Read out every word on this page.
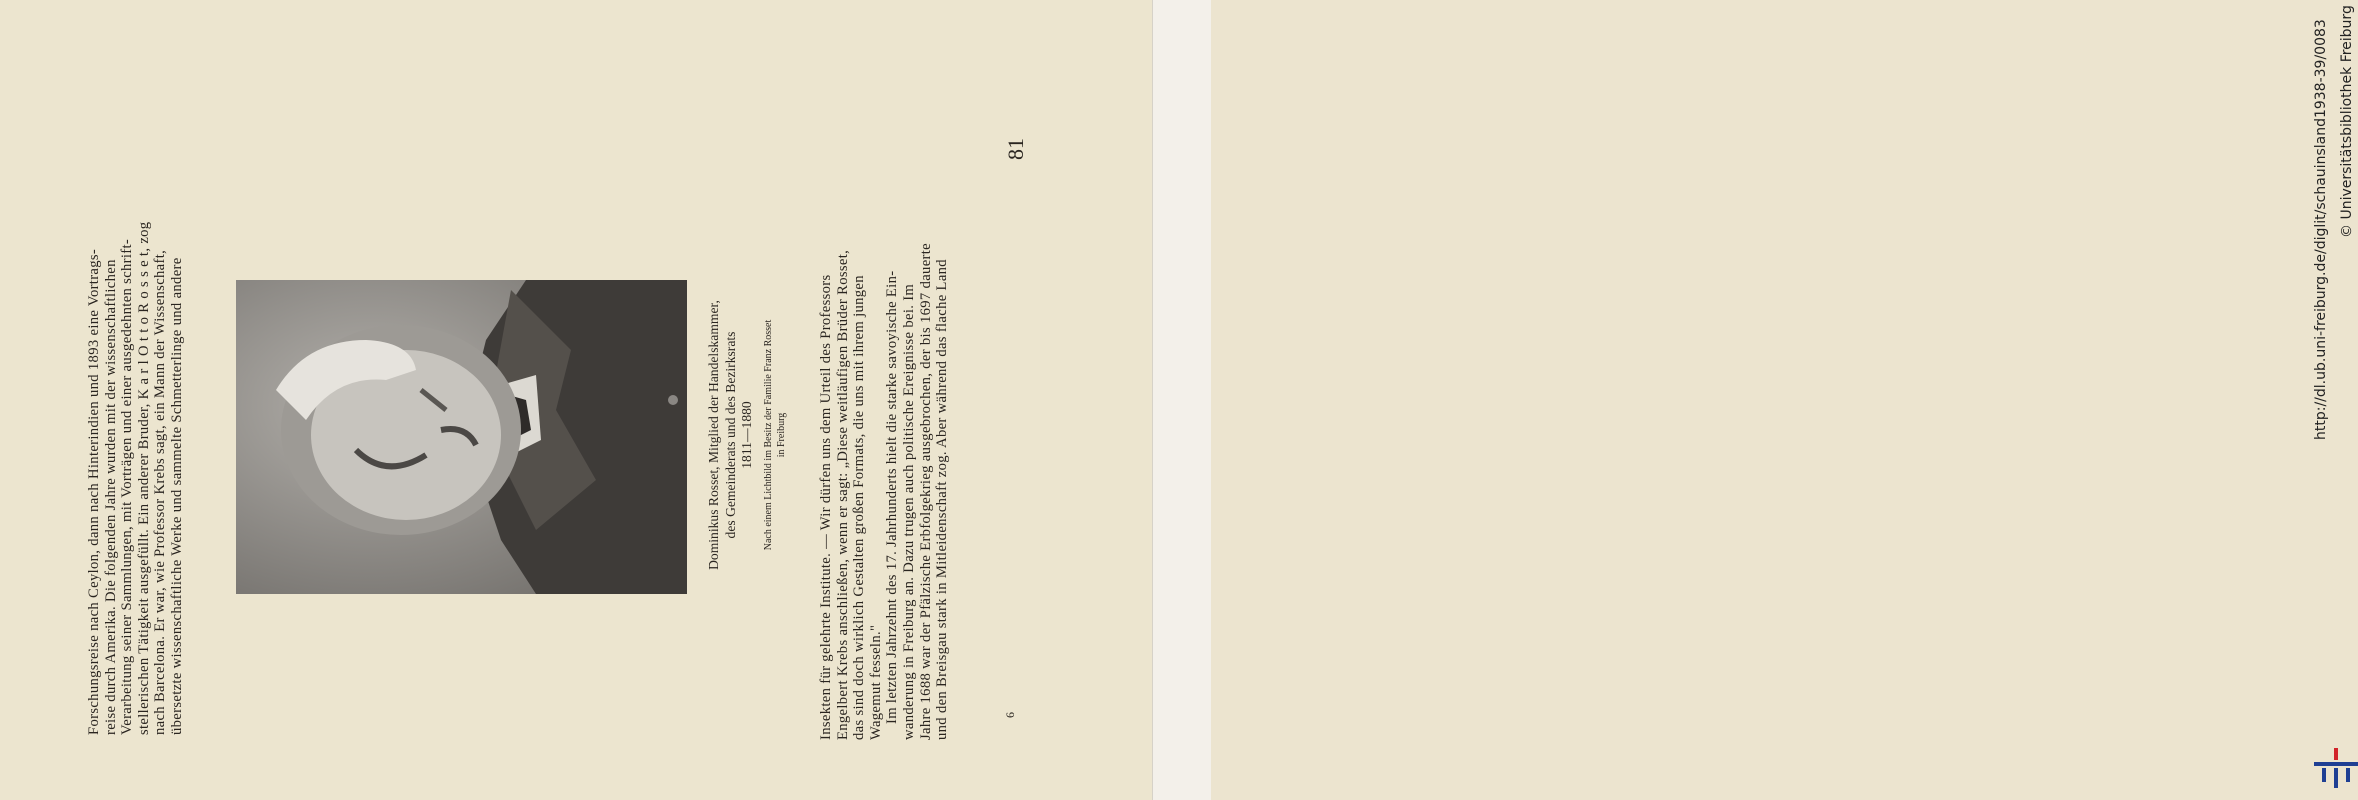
Forschungsreise nach Ceylon, dann nach Hinterindien und 1893 eine Vortrags- reise durch Amerika. Die folgenden Jahre wurden mit der wissenschaftlichen Verarbeitung seiner Sammlungen, mit Vorträgen und einer ausgedehnten schrift- stellerischen Tätigkeit ausgefüllt. Ein anderer Bruder, K a r l O t t o R o s s e t, zog nach Barcelona. Er war, wie Professor Krebs sagt, ein Mann der Wissenschaft, übersetzte wissenschaftliche Werke und sammelte Schmetterlinge und andere	Dominikus Rosset, Mitglied der Handelskammer, des Gemeinderats und des Bezirksrats 1811—1880 Nach einem Lichtbild im Besitz der Familie Franz Rosset in Freiburg Insekten für gelehrte Institute. — Wir dürfen uns dem Urteil des Professors Engelbert Krebs anschließen, wenn er sagt: „Diese weitläufigen Brüder Rosset, das sind doch wirklich Gestalten großen Formats, die uns mit ihrem jungen Wagemut fesseln." Im letzten Jahrzehnt des 17. Jahrhunderts hielt die starke savoyische Ein- wanderung in Freiburg an. Dazu trugen auch politische Ereignisse bei. Im Jahre 1688 war der Pfälzische Erbfolgekrieg ausgebrochen, der bis 1697 dauerte und den Breisgau stark in Mitleidenschaft zog. Aber während das flache Land	6
81	http://dl.ub.uni-freiburg.de/diglit/schauinsland1938-39/0083 © Universitätsbibliothek Freiburg
